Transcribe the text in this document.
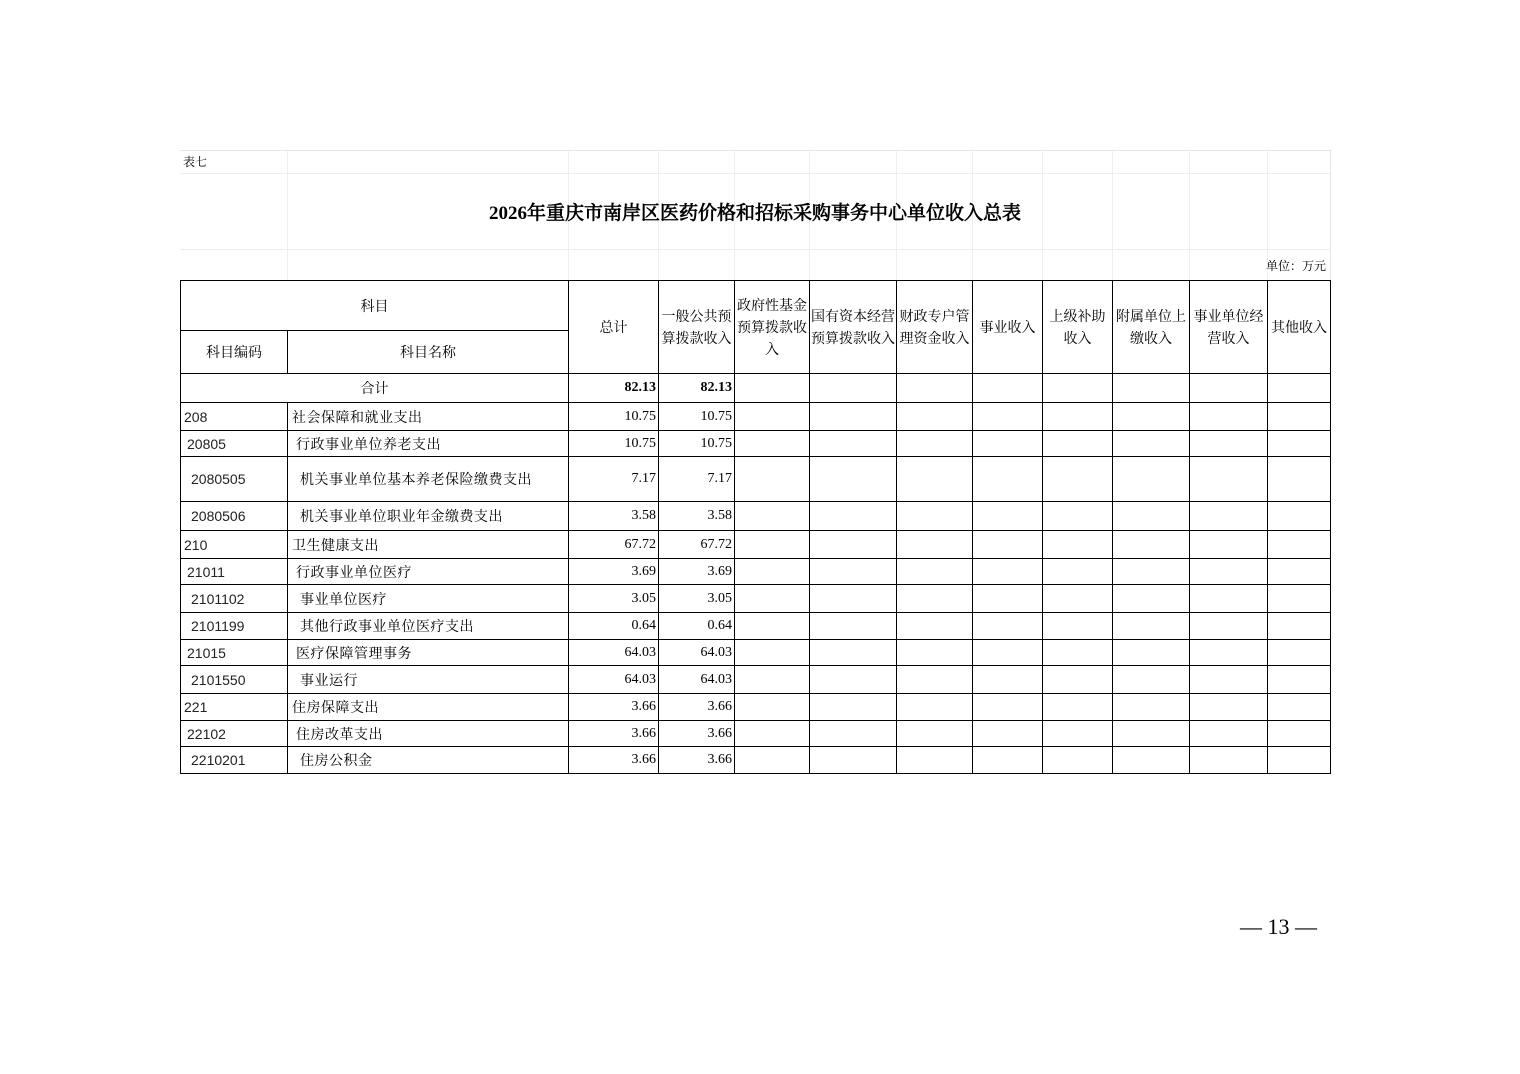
表七
2026年重庆市南岸区医药价格和招标采购事务中心单位收入总表
单位：万元
科目		总计	一般公共预算拨款收入	政府性基金预算拨款收入	国有资本经营预算拨款收入	财政专户管理资金收入	事业收入	上级补助收入	附属单位上缴收入	事业单位经营收入	其他收入
科目编码	科目名称										
合计		82.13	82.13								
208	社会保障和就业支出	10.75	10.75								
20805	行政事业单位养老支出	10.75	10.75								
2080505	机关事业单位基本养老保险缴费支出	7.17	7.17								
2080506	机关事业单位职业年金缴费支出	3.58	3.58								
210	卫生健康支出	67.72	67.72								
21011	行政事业单位医疗	3.69	3.69								
2101102	事业单位医疗	3.05	3.05								
2101199	其他行政事业单位医疗支出	0.64	0.64								
21015	医疗保障管理事务	64.03	64.03								
2101550	事业运行	64.03	64.03								
221	住房保障支出	3.66	3.66								
22102	住房改革支出	3.66	3.66								
2210201	住房公积金	3.66	3.66								
— 13 —
